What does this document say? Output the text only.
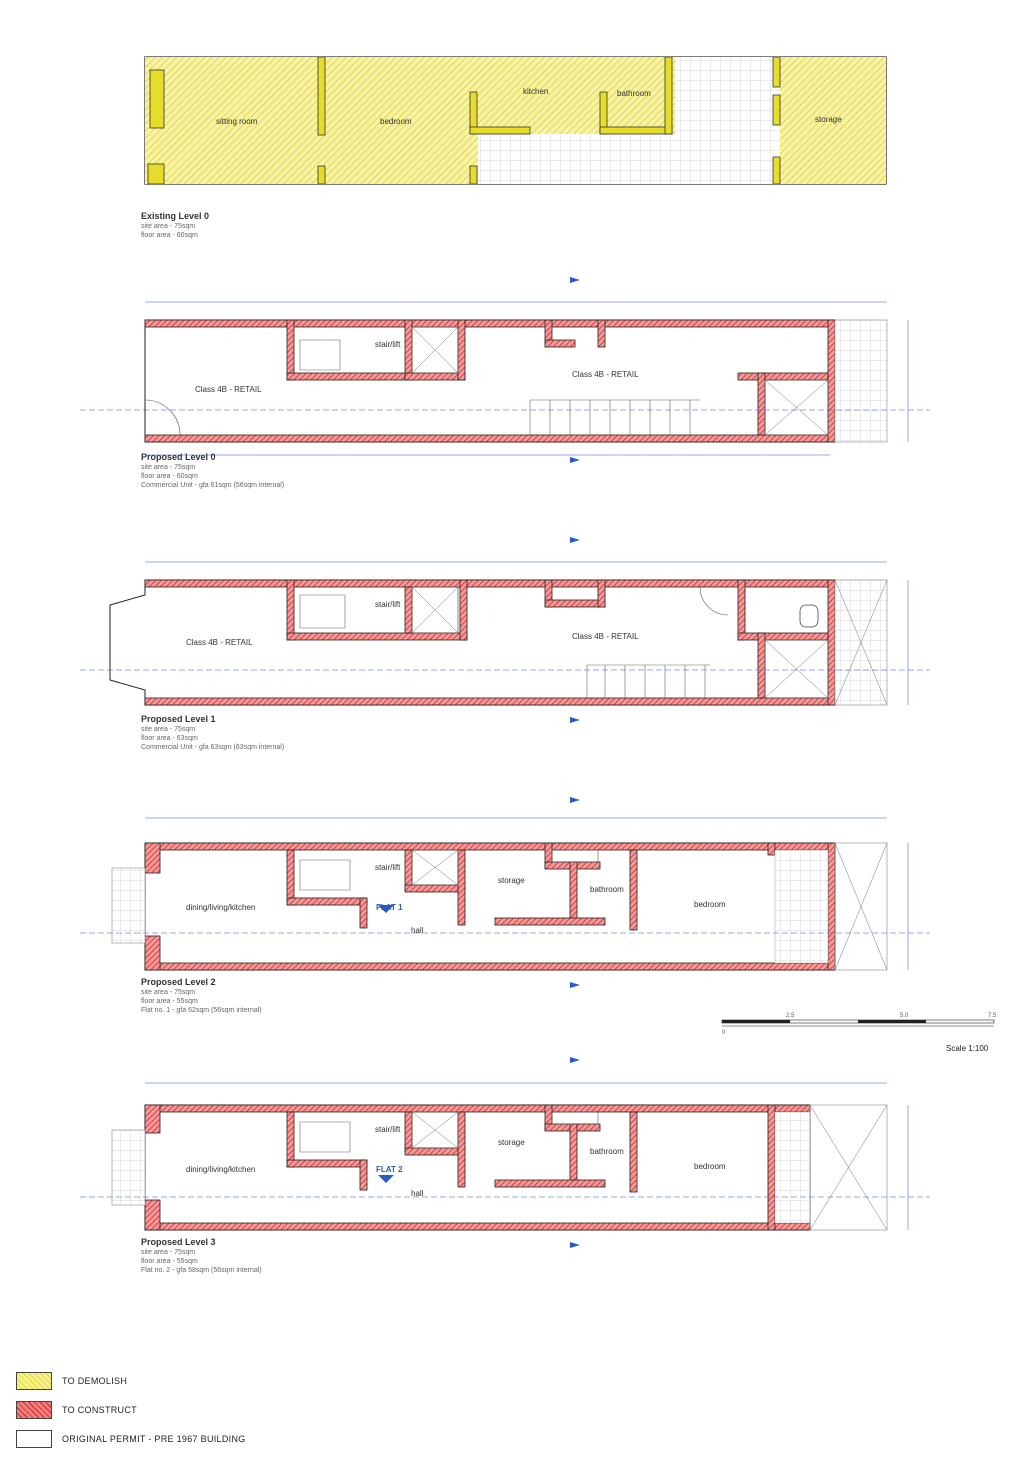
sitting room	bedroom
kitchen	bathroom
storage
Class 4B - RETAIL
stair/lift
Class 4B - RETAIL
Class 4B - RETAIL
stair/lift
Class 4B - RETAIL
dining/living/kitchen
stair/lift
storage
bathroom
bedroom
hall
FLAT 1
dining/living/kitchen
stair/lift
storage
bathroom
bedroom
hall
FLAT 2
0
2.5	5.0	7.5
Existing Level 0
site area - 75sqm
floor area - 60sqm
Proposed Level 0
site area - 75sqm
floor area - 60sqm
Commercial Unit - gfa 61sqm (56sqm internal)
Proposed Level 1
site area - 75sqm
floor area - 63sqm
Commercial Unit - gfa 63sqm (63sqm internal)
Proposed Level 2
site area - 75sqm
floor area - 55sqm
Flat no. 1 - gfa 62sqm (56sqm internal)
Proposed Level 3
site area - 75sqm
floor area - 55sqm
Flat no. 2 - gfa 58sqm (56sqm internal)
Scale 1:100
TO DEMOLISH
TO CONSTRUCT
ORIGINAL PERMIT - PRE 1967 BUILDING
